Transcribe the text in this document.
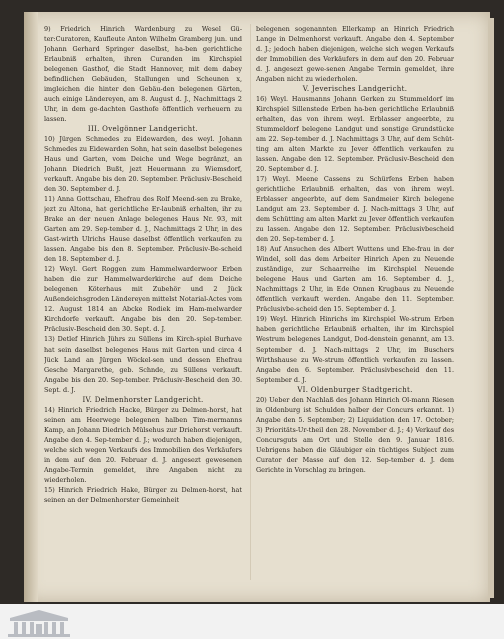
9) Friedrich Hinrich Wardenburg zu Wesel Gü-ter:Curatoren, Kaufleute Anton Wilhelm Gramberg jun. und Johann Gerhard Springer daselbst, ha-ben gerichtliche Erlaubniß erhalten, ihren Curanden im Kirchspiel belegenen Gasthof, die Stadt Hannover, mit dem dabey befindlichen Gebäuden, Stallungen und Scheunen x, imgleichen die hinter den Gebäu-den belegenen Gärten, auch einige Ländereyen, am 8. August d. J., Nachmittags 2 Uhr, in dem ge-dachten Gasthofe öffentlich verheuern zu lassen.

III. Ovelgönner Landgericht.

10) Jürgen Schmedes zu Eidewarden, des weyl. Johann Schmedes zu Eidewarden Sohn, hat sein daselbst belegenes Haus und Garten, vom Deiche und Wege begränzt, an Johann Diedrich Bußt, jezt Heuermann zu Wiemsdorf, verkauft. Angabe bis den 20. September. Präclusiv-Bescheid den 30. September d. J.

11) Anna Gottschau, Ehefrau des Rolf Meend-sen zu Brake, jezt zu Altona, hat gerichtliche Er-laubniß erhalten, ihr zu Brake an der neuen Anlage belegenes Haus Nr. 93, mit Garten am 29. Sep-tember d. J., Nachmittags 2 Uhr, in des Gast-wirth Ulrichs Hause daselbst öffentlich verkaufen zu lassen. Angabe bis den 8. September. Präclusiv-Be-scheid den 18. September d. J.

12) Weyl. Gert Roggen zum Hammelwarderwoor Erben haben die zur Hammelwarderkirche auf dem Deiche belegenen Köterhaus mit Zubehör und 2 Jück Außendeichsgroden Ländereyen mittelst Notarial-Actes vom 12. August 1814 an Abcke Rodiek im Ham-melwarder Kirchdorfe verkauft. Angabe bis den 20. Sep-tember. Präclusiv-Bescheid den 30. Sept. d. J.

13) Detlef Hinrich Jührs zu Süllens im Kirch-spiel Burhave hat sein daselbst belegenes Haus mit Garten und circa 4 Jück Land an Jürgen Wöckel-sen und dessen Ehefrau Gesche Margarethe, geb. Schnde, zu Süllens verkauft. Angabe bis den 20. Sep-tember. Präclusiv-Bescheid den 30. Sept. d. J.

IV. Delmenhorster Landgericht.

14) Hinrich Friedrich Hacke, Bürger zu Delmen-horst, hat seinen am Heerwege belegenen halben Tim-mermanns Kamp, an Johann Diedrich Mülsehus zur Driehorst verkauft. Angabe den 4. Sep-tember d. J.; wodurch haben diejenigen, welche sich wegen Verkaufs des Immobilien des Verkäufers in dem auf den 20. Februar d. J. angesezt gewesenen Angabe-Termin gemeldet, ihre Angaben nicht zu wiederholen.

15) Hinrich Friedrich Hake, Bürger zu Delmen-horst, hat seinen an der Delmenhorster Gemeinheit

belegenen sogenannten Ellerkamp an Hinrich Friedrich Lange in Delmenhorst verkauft. Angabe den 4. September d. J.; jedoch haben diejenigen, welche sich wegen Verkaufs der Immobilien des Verkäufers in dem auf den 20. Februar d. J. angesezt gewe-senen Angabe Termin gemeldet, ihre Angaben nicht zu wiederholen.

V. Jeverisches Landgericht.

16) Weyl. Hausmanns Johann Gerken zu Stummeldorf im Kirchspiel Sillenstede Erben ha-ben gerichtliche Erlaubniß erhalten, das von ihrem weyl. Erblasser angeerbte, zu Stummeldorf belegene Landgut und sonstige Grundstücke am 22. Sep-tember d. J. Nachmittags 3 Uhr, auf dem Schüt-ting am alten Markte zu Jever öffentlich verkaufen zu lassen. Angabe den 12. September. Präclusiv-Bescheid den 20. September d. J.

17) Weyl. Meene Cassens zu Schürfens Erben haben gerichtliche Erlaubniß erhalten, das von ihrem weyl. Erblasser angeerbte, auf dem Sandmeier Kirch belegene Landgut am 23. September d. J. Nach-mittags 3 Uhr, auf dem Schütting am alten Markt zu Jever öffentlich verkaufen zu lassen. Angabe den 12. September. Präclusivbescheid den 20. Sep-tember d. J.

18) Auf Ansuchen des Albert Wuttens und Ehe-frau in der Windel, soll das dem Arbeiter Hinrich Apen zu Neuende zuständige, zur Schaarreihe im Kirchspiel Neuende belegene Haus und Garten am 16. September d. J., Nachmittags 2 Uhr, in Ede Onnen Krugbaus zu Neuende öffentlich verkauft werden. Angabe den 11. September. Präclusivbe-scheid den 15. September d. J.

19) Weyl. Hinrich Hinrichs im Kirchspiel We-strum Erben haben gerichtliche Erlaubniß erhalten, ihr im Kirchspiel Westrum belegenes Landgut, Dod-denstein genannt, am 13. September d. J. Nach-mittags 2 Uhr, im Buschers Wirthshause zu We-strum öffentlich verkaufen zu lassen. Angabe den 6. September. Präclusivbescheid den 11. September d. J.

VI. Oldenburger Stadtgericht.

20) Ueber den Nachlaß des Johann Hinrich Ol-mann Riesen in Oldenburg ist Schulden halber der Concurs erkannt. 1) Angabe den 5. September; 2) Liquidation den 17. October; 3) Prioritäts-Ur-theil den 28. November d. J.; 4) Verkauf des Concursguts am Ort und Stelle den 9. Januar 1816. Uebrigens haben die Gläubiger ein tüchtiges Subject zum Curator der Masse auf den 12. Sep-tember d. J. dem Gerichte in Vorschlag zu bringen.
